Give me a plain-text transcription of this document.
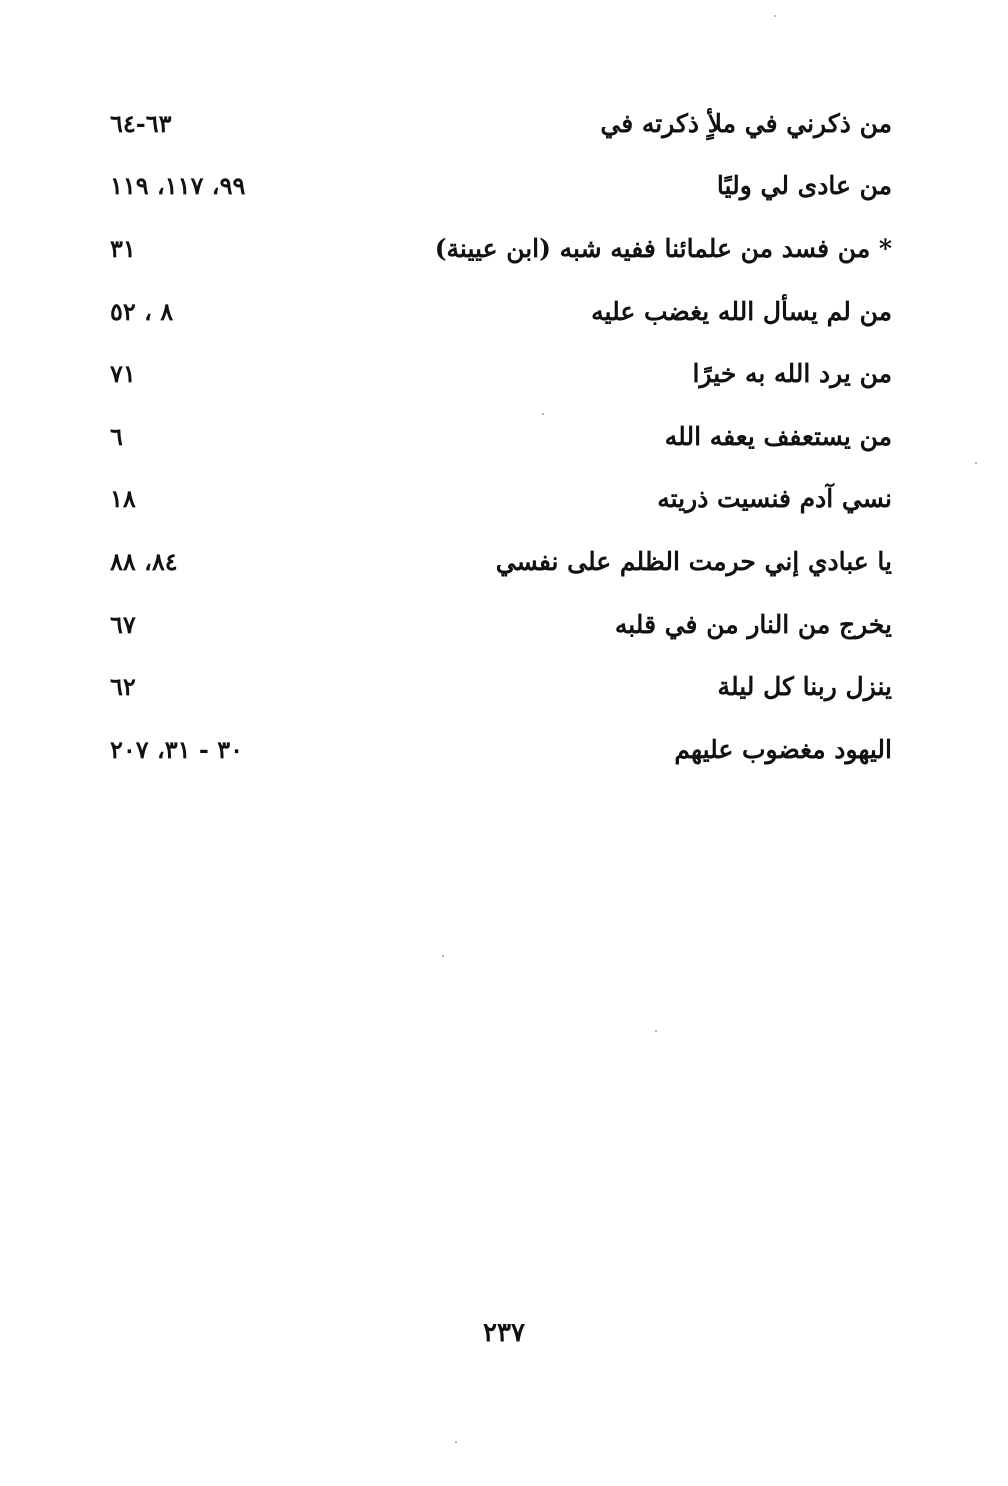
من ذكرني في ملأٍ ذكرته في
٦٣-٦٤
من عادى لي وليًا
٩٩، ١١٧، ١١٩
* من فسد من علمائنا ففيه شبه (ابن عيينة)
٣١
من لم يسأل الله يغضب عليه
٨ ، ٥٢
من يرد الله به خيرًا
٧١
من يستعفف يعفه الله
٦
نسي آدم فنسيت ذريته
١٨
يا عبادي إني حرمت الظلم على نفسي
٨٤، ٨٨
يخرج من النار من في قلبه
٦٧
ينزل ربنا كل ليلة
٦٢
اليهود مغضوب عليهم
٣٠ - ٣١، ٢٠٧
٢٣٧
